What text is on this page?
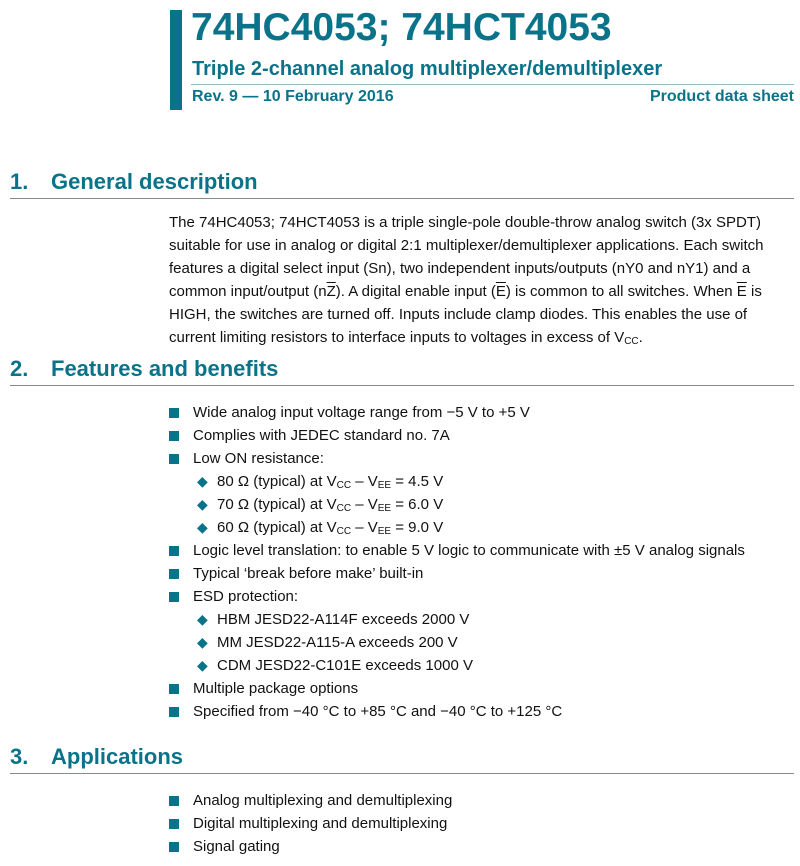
74HC4053; 74HCT4053
Triple 2-channel analog multiplexer/demultiplexer
Rev. 9 — 10 February 2016	Product data sheet
1. General description

The 74HC4053; 74HCT4053 is a triple single-pole double-throw analog switch (3x SPDT) suitable for use in analog or digital 2:1 multiplexer/demultiplexer applications. Each switch features a digital select input (Sn), two independent inputs/outputs (nY0 and nY1) and a common input/output $(n\overline{Z})$. A digital enable input $(\overline{E})$ is common to all switches. When $\overline{E}$ is HIGH, the switches are turned off. Inputs include clamp diodes. This enables the use of current limiting resistors to interface inputs to voltages in excess of $V_{CC}$.

2. Features and benefits
Wide analog input voltage range from −5 V to +5 V
Complies with JEDEC standard no. 7A
Low ON resistance:
◆ 80 Ω (typical) at $V_{CC} - V_{EE} = 4.5$ V
◆ 70 Ω (typical) at $V_{CC} - V_{EE} = 6.0$ V
◆ 60 Ω (typical) at $V_{CC} - V_{EE} = 9.0$ V
Logic level translation: to enable 5 V logic to communicate with ±5 V analog signals
Typical ‘break before make’ built-in
ESD protection:
◆ HBM JESD22-A114F exceeds 2000 V
◆ MM JESD22-A115-A exceeds 200 V
◆ CDM JESD22-C101E exceeds 1000 V
Multiple package options
Specified from −40 °C to +85 °C and −40 °C to +125 °C
3. Applications
Analog multiplexing and demultiplexing
Digital multiplexing and demultiplexing
Signal gating
